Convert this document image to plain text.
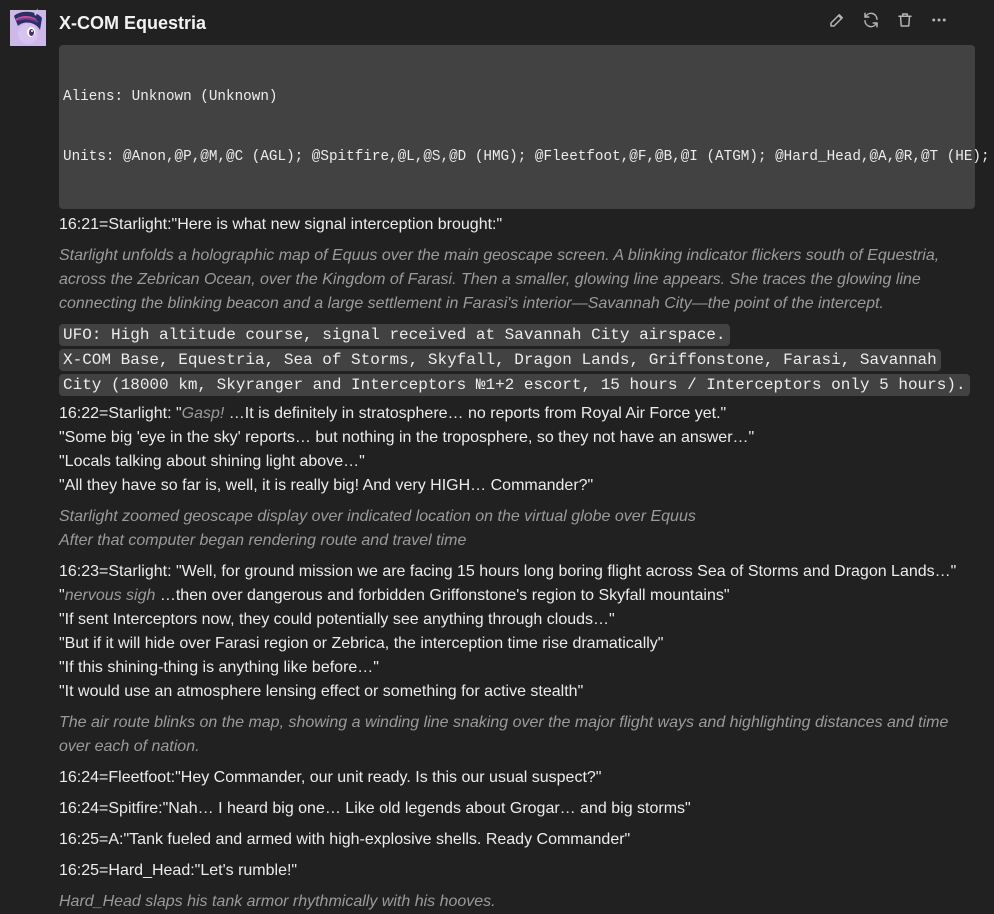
X-COM Equestria

Aliens: Unknown (Unknown)

Units: @Anon,@P,@M,@C (AGL); @Spitfire,@L,@S,@D (HMG); @Fleetfoot,@F,@B,@I (ATGM); @Hard_Head,@A,@R,@T (HE);

16:21=Starlight:"Here is what new signal interception brought:"
Starlight unfolds a holographic map of Equus over the main geoscape screen. A blinking indicator flickers south of Equestria,
across the Zebrican Ocean, over the Kingdom of Farasi. Then a smaller, glowing line appears. She traces the glowing line
connecting the blinking beacon and a large settlement in Farasi's interior—Savannah City—the point of the intercept.
UFO: High altitude course, signal received at Savannah City airspace.
X-COM Base, Equestria, Sea of Storms, Skyfall, Dragon Lands, Griffonstone, Farasi, Savannah
City (18000 km, Skyranger and Interceptors №1+2 escort, 15 hours / Interceptors only 5 hours).
16:22=Starlight: "Gasp! …It is definitely in stratosphere… no reports from Royal Air Force yet."
"Some big 'eye in the sky' reports… but nothing in the troposphere, so they not have an answer…"
"Locals talking about shining light above…"
"All they have so far is, well, it is really big! And very HIGH… Commander?"
Starlight zoomed geoscape display over indicated location on the virtual globe over Equus
After that computer began rendering route and travel time
16:23=Starlight: "Well, for ground mission we are facing 15 hours long boring flight across Sea of Storms and Dragon Lands…"
"nervous sigh …then over dangerous and forbidden Griffonstone's region to Skyfall mountains"
"If sent Interceptors now, they could potentially see anything through clouds…"
"But if it will hide over Farasi region or Zebrica, the interception time rise dramatically"
"If this shining-thing is anything like before…"
"It would use an atmosphere lensing effect or something for active stealth"
The air route blinks on the map, showing a winding line snaking over the major flight ways and highlighting distances and time
over each of nation.
16:24=Fleetfoot:"Hey Commander, our unit ready. Is this our usual suspect?"
16:24=Spitfire:"Nah… I heard big one… Like old legends about Grogar… and big storms"
16:25=A:"Tank fueled and armed with high-explosive shells. Ready Commander"
16:25=Hard_Head:"Let's rumble!"
Hard_Head slaps his tank armor rhythmically with his hooves.
